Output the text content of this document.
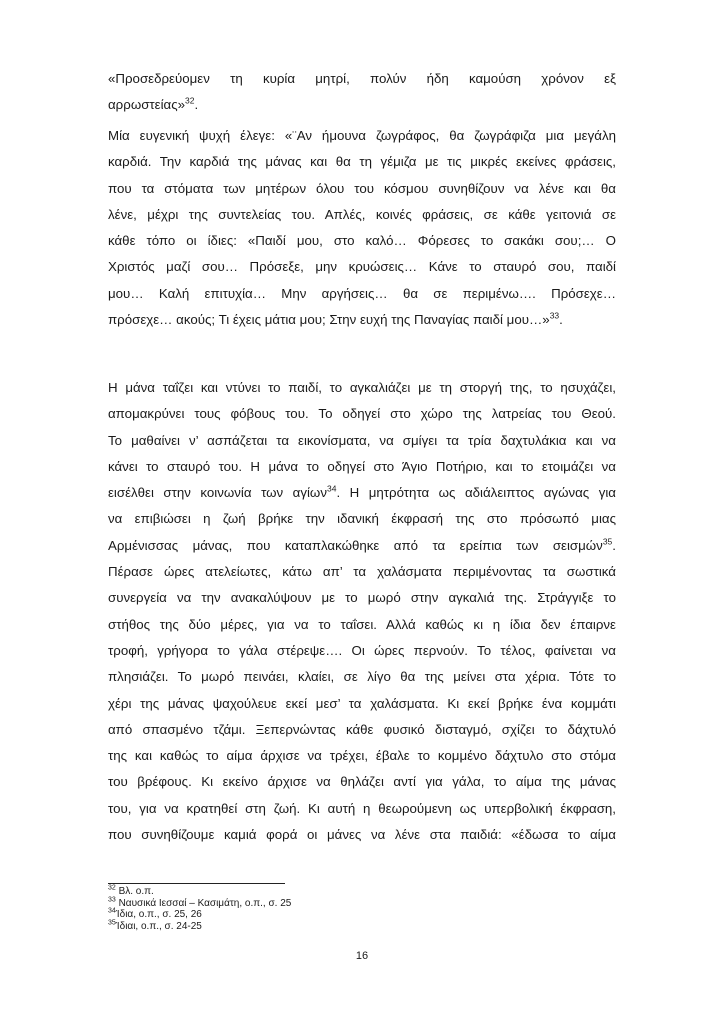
«Προσεδρεύομεν τη κυρία μητρί, πολύν ήδη καμούση χρόνον εξ
αρρωστείας»$^{32}$.
Μία ευγενική ψυχή έλεγε: «¨Αν ήμουνα ζωγράφος, θα ζωγράφιζα μια μεγάλη
καρδιά. Την καρδιά της μάνας και θα τη γέμιζα με τις μικρές εκείνες φράσεις,
που τα στόματα των μητέρων όλου του κόσμου συνηθίζουν να λένε και θα
λένε, μέχρι της συντελείας του. Απλές, κοινές φράσεις, σε κάθε γειτονιά σε
κάθε τόπο οι ίδιες: «Παιδί μου, στο καλό… Φόρεσες το σακάκι σου;… Ο
Χριστός μαζί σου… Πρόσεξε, μην κρυώσεις… Κάνε το σταυρό σου, παιδί
μου… Καλή επιτυχία… Μην αργήσεις… θα σε περιμένω…. Πρόσεχε…
πρόσεχε… ακούς; Τι έχεις μάτια μου; Στην ευχή της Παναγίας παιδί μου…»$^{33}$.
Η μάνα ταΐζει και ντύνει το παιδί, το αγκαλιάζει με τη στοργή της, το ησυχάζει,
απομακρύνει τους φόβους του. Το οδηγεί στο χώρο της λατρείας του Θεού.
Το μαθαίνει ν’ ασπάζεται τα εικονίσματα, να σμίγει τα τρία δαχτυλάκια και να
κάνει το σταυρό του. Η μάνα το οδηγεί στο Άγιο Ποτήριο, και το ετοιμάζει να
εισέλθει στην κοινωνία των αγίων$^{34}$. Η μητρότητα ως αδιάλειπτος αγώνας για
να επιβιώσει η ζωή βρήκε την ιδανική έκφρασή της στο πρόσωπό μιας
Αρμένισσας μάνας, που καταπλακώθηκε από τα ερείπια των σεισμών$^{35}$.
Πέρασε ώρες ατελείωτες, κάτω απ’ τα χαλάσματα περιμένοντας τα σωστικά
συνεργεία να την ανακαλύψουν με το μωρό στην αγκαλιά της. Στράγγιξε το
στήθος της δύο μέρες, για να το ταΐσει. Αλλά καθώς κι η ίδια δεν έπαιρνε
τροφή, γρήγορα το γάλα στέρεψε…. Οι ώρες περνούν. Το τέλος, φαίνεται να
πλησιάζει. Το μωρό πεινάει, κλαίει, σε λίγο θα της μείνει στα χέρια. Τότε το
χέρι της μάνας ψαχούλευε εκεί μεσ’ τα χαλάσματα. Κι εκεί βρήκε ένα κομμάτι
από σπασμένο τζάμι. Ξεπερνώντας κάθε φυσικό δισταγμό, σχίζει το δάχτυλό
της και καθώς το αίμα άρχισε να τρέχει, έβαλε το κομμένο δάχτυλο στο στόμα
του βρέφους. Κι εκείνο άρχισε να θηλάζει αντί για γάλα, το αίμα της μάνας
του, για να κρατηθεί στη ζωή. Κι αυτή η θεωρούμενη ως υπερβολική έκφραση,
που συνηθίζουμε καμιά φορά οι μάνες να λένε στα παιδιά: «έδωσα το αίμα
$^{32}$ Βλ. ο.π.
$^{33}$ Ναυσικά Ιεσσαί – Κασιμάτη, ο.π., σ. 25
$^{34}$Ίδια, ο.π., σ. 25, 26
$^{35}$Ίδιαι, ο.π., σ. 24-25
16
